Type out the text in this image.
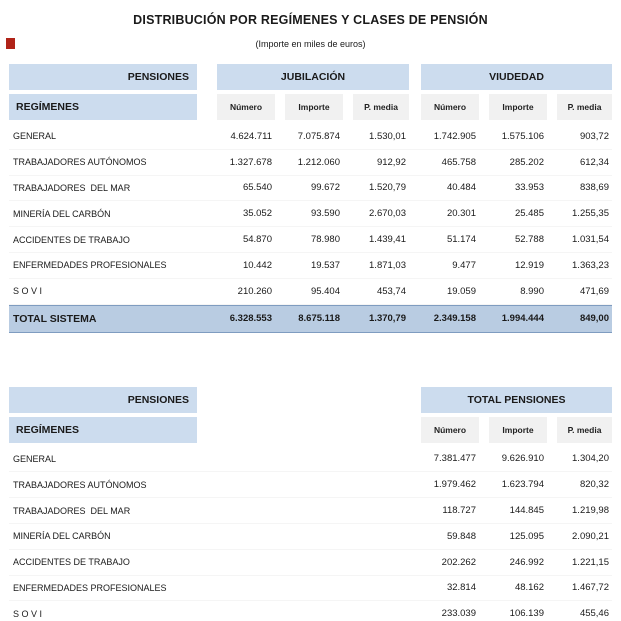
DISTRIBUCIÓN POR REGÍMENES Y CLASES DE PENSIÓN
(Importe en miles de euros)
PENSIONES	JUBILACIÓN	VIUDEDAD
REGÍMENES	Número	Importe	P. media	Número	Importe	P. media
GENERAL	4.624.711	7.075.874	1.530,01	1.742.905	1.575.106	903,72
TRABAJADORES AUTÓNOMOS	1.327.678	1.212.060	912,92	465.758	285.202	612,34
TRABAJADORES  DEL MAR	65.540	99.672	1.520,79	40.484	33.953	838,69
MINERÍA DEL CARBÓN	35.052	93.590	2.670,03	20.301	25.485	1.255,35
ACCIDENTES DE TRABAJO	54.870	78.980	1.439,41	51.174	52.788	1.031,54
ENFERMEDADES PROFESIONALES	10.442	19.537	1.871,03	9.477	12.919	1.363,23
S O V I	210.260	95.404	453,74	19.059	8.990	471,69
TOTAL SISTEMA	6.328.553	8.675.118	1.370,79	2.349.158	1.994.444	849,00
PENSIONES	TOTAL PENSIONES
REGÍMENES	Número	Importe	P. media
GENERAL	7.381.477	9.626.910	1.304,20
TRABAJADORES AUTÓNOMOS	1.979.462	1.623.794	820,32
TRABAJADORES  DEL MAR	118.727	144.845	1.219,98
MINERÍA DEL CARBÓN	59.848	125.095	2.090,21
ACCIDENTES DE TRABAJO	202.262	246.992	1.221,15
ENFERMEDADES PROFESIONALES	32.814	48.162	1.467,72
S O V I	233.039	106.139	455,46
